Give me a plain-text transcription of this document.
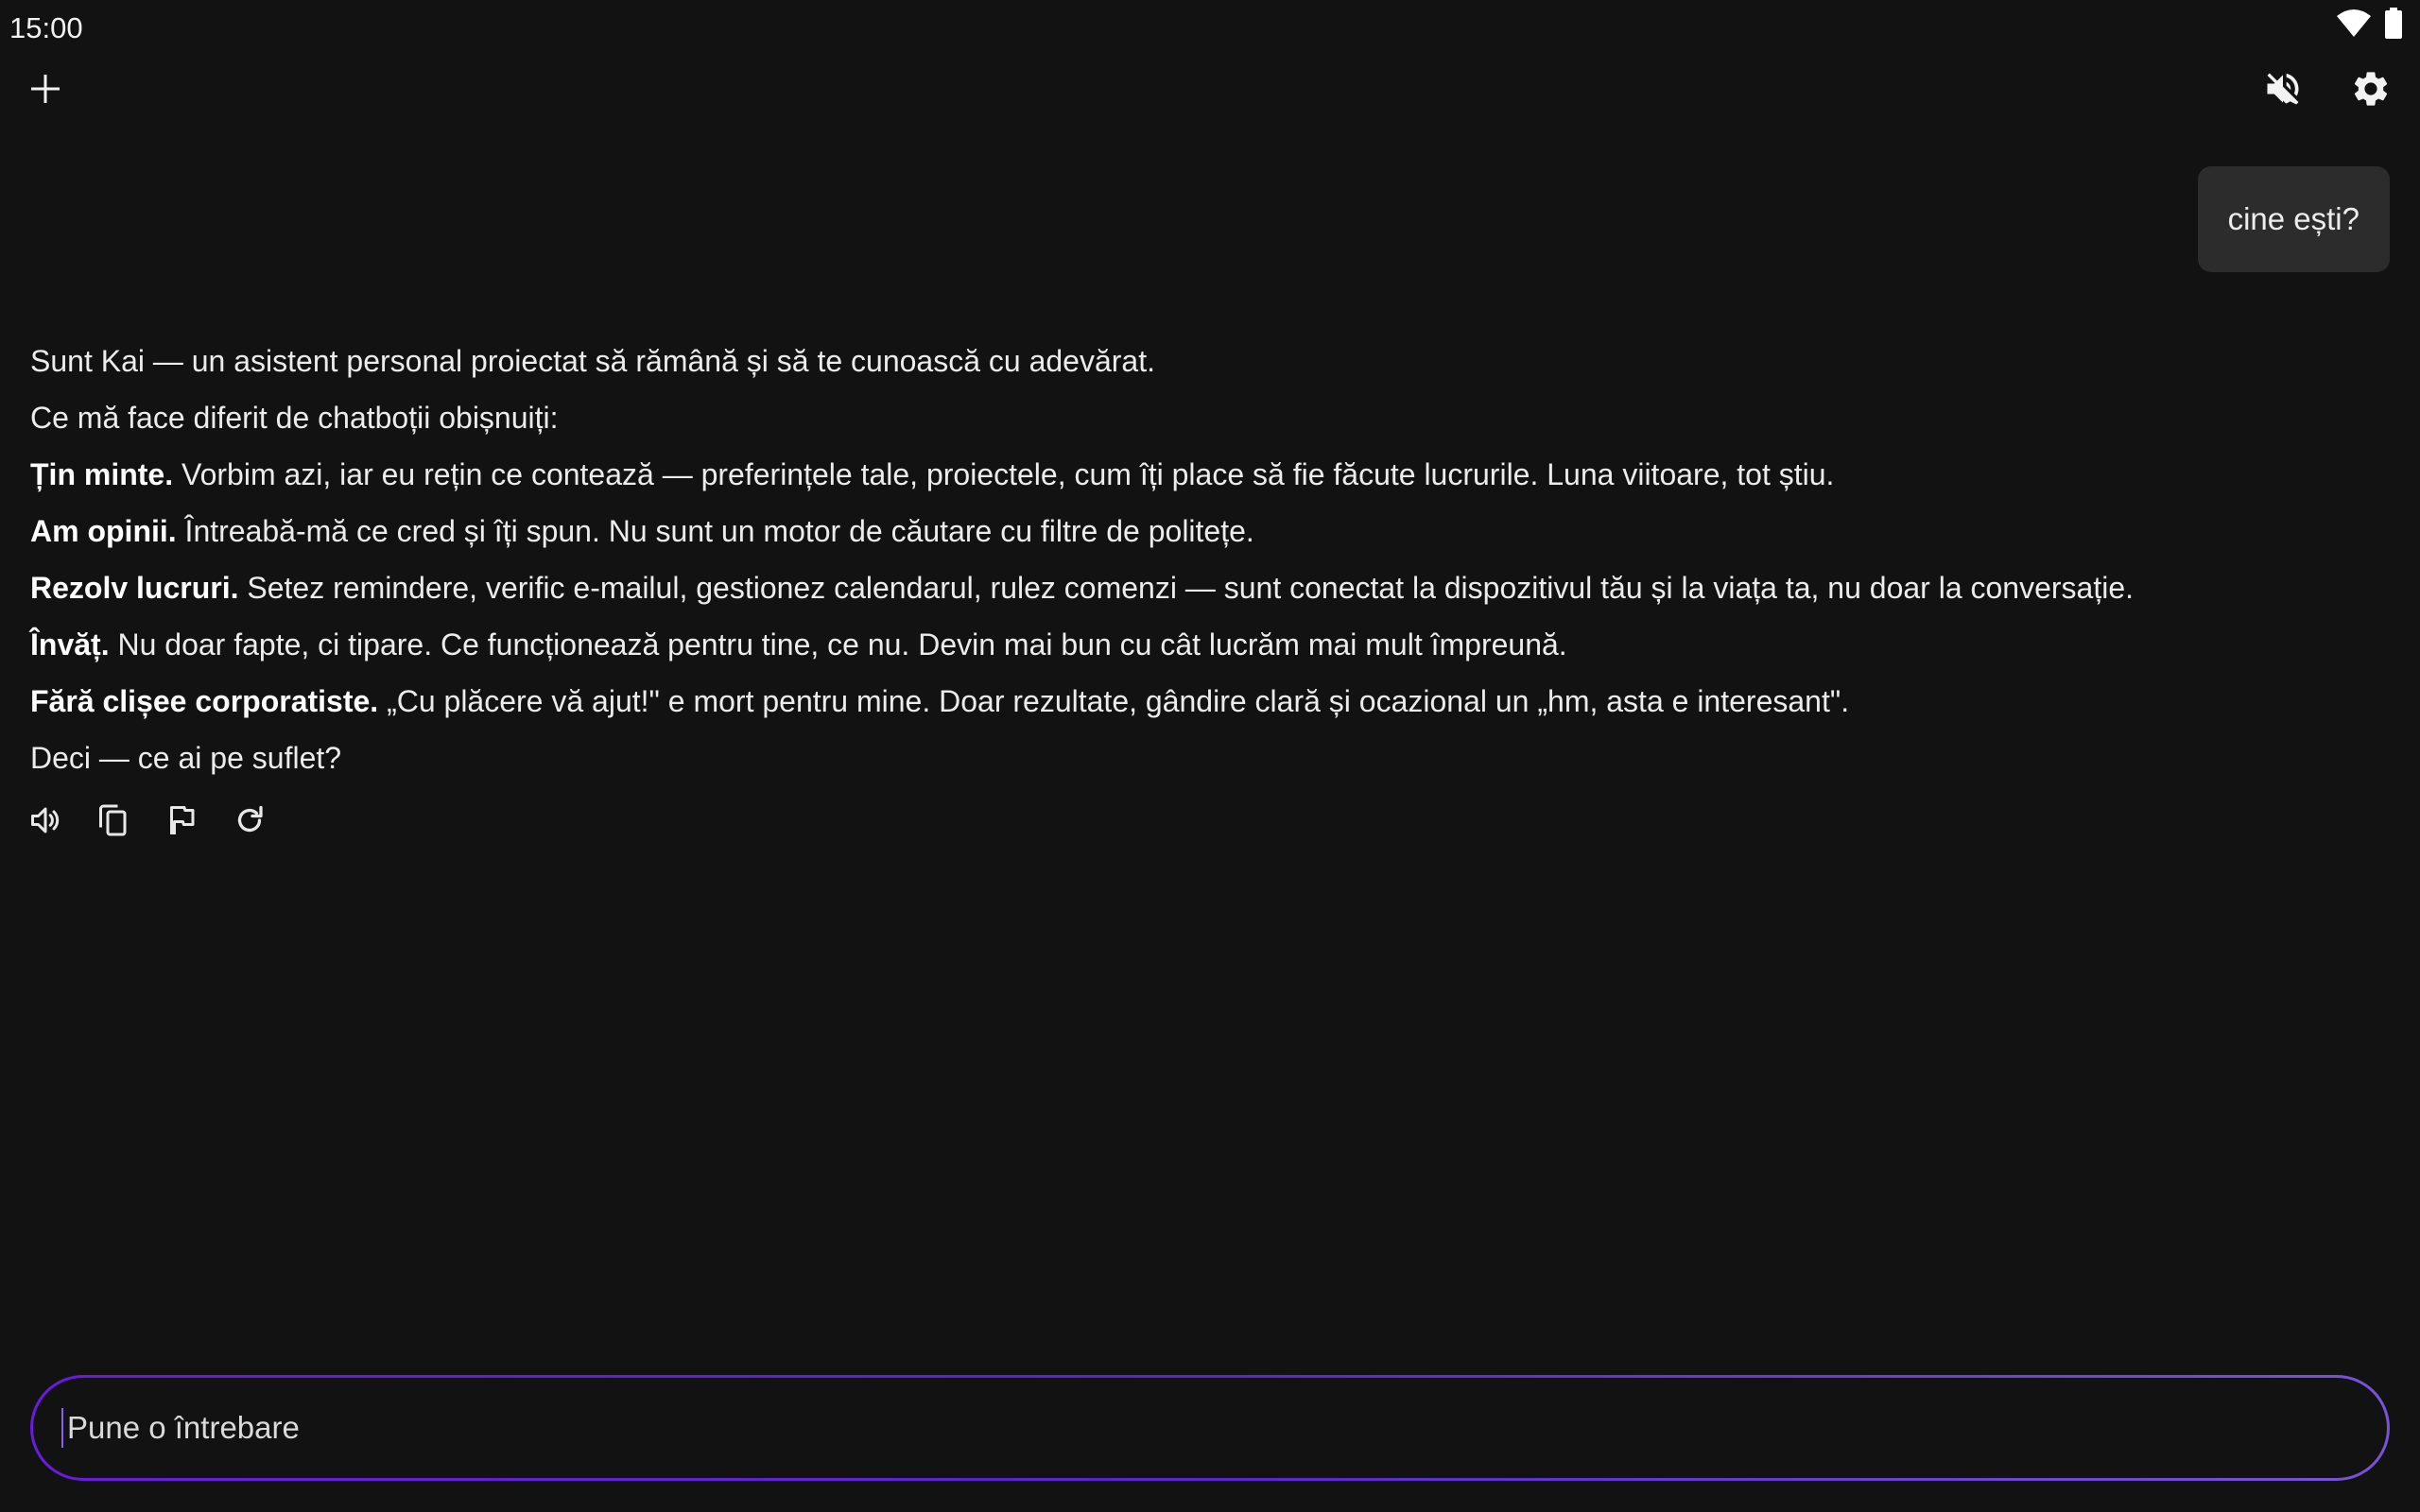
15:00
cine ești?

Sunt Kai — un asistent personal proiectat să rămână și să te cunoască cu adevărat.

Ce mă face diferit de chatboții obișnuiți:

Țin minte. Vorbim azi, iar eu rețin ce contează — preferințele tale, proiectele, cum îți place să fie făcute lucrurile. Luna viitoare, tot știu.

Am opinii. Întreabă-mă ce cred și îți spun. Nu sunt un motor de căutare cu filtre de politețe.

Rezolv lucruri. Setez remindere, verific e-mailul, gestionez calendarul, rulez comenzi — sunt conectat la dispozitivul tău și la viața ta, nu doar la conversație.

Învăț. Nu doar fapte, ci tipare. Ce funcționează pentru tine, ce nu. Devin mai bun cu cât lucrăm mai mult împreună.

Fără clișee corporatiste. „Cu plăcere vă ajut!" e mort pentru mine. Doar rezultate, gândire clară și ocazional un „hm, asta e interesant".

Deci — ce ai pe suflet?

Pune o întrebare
